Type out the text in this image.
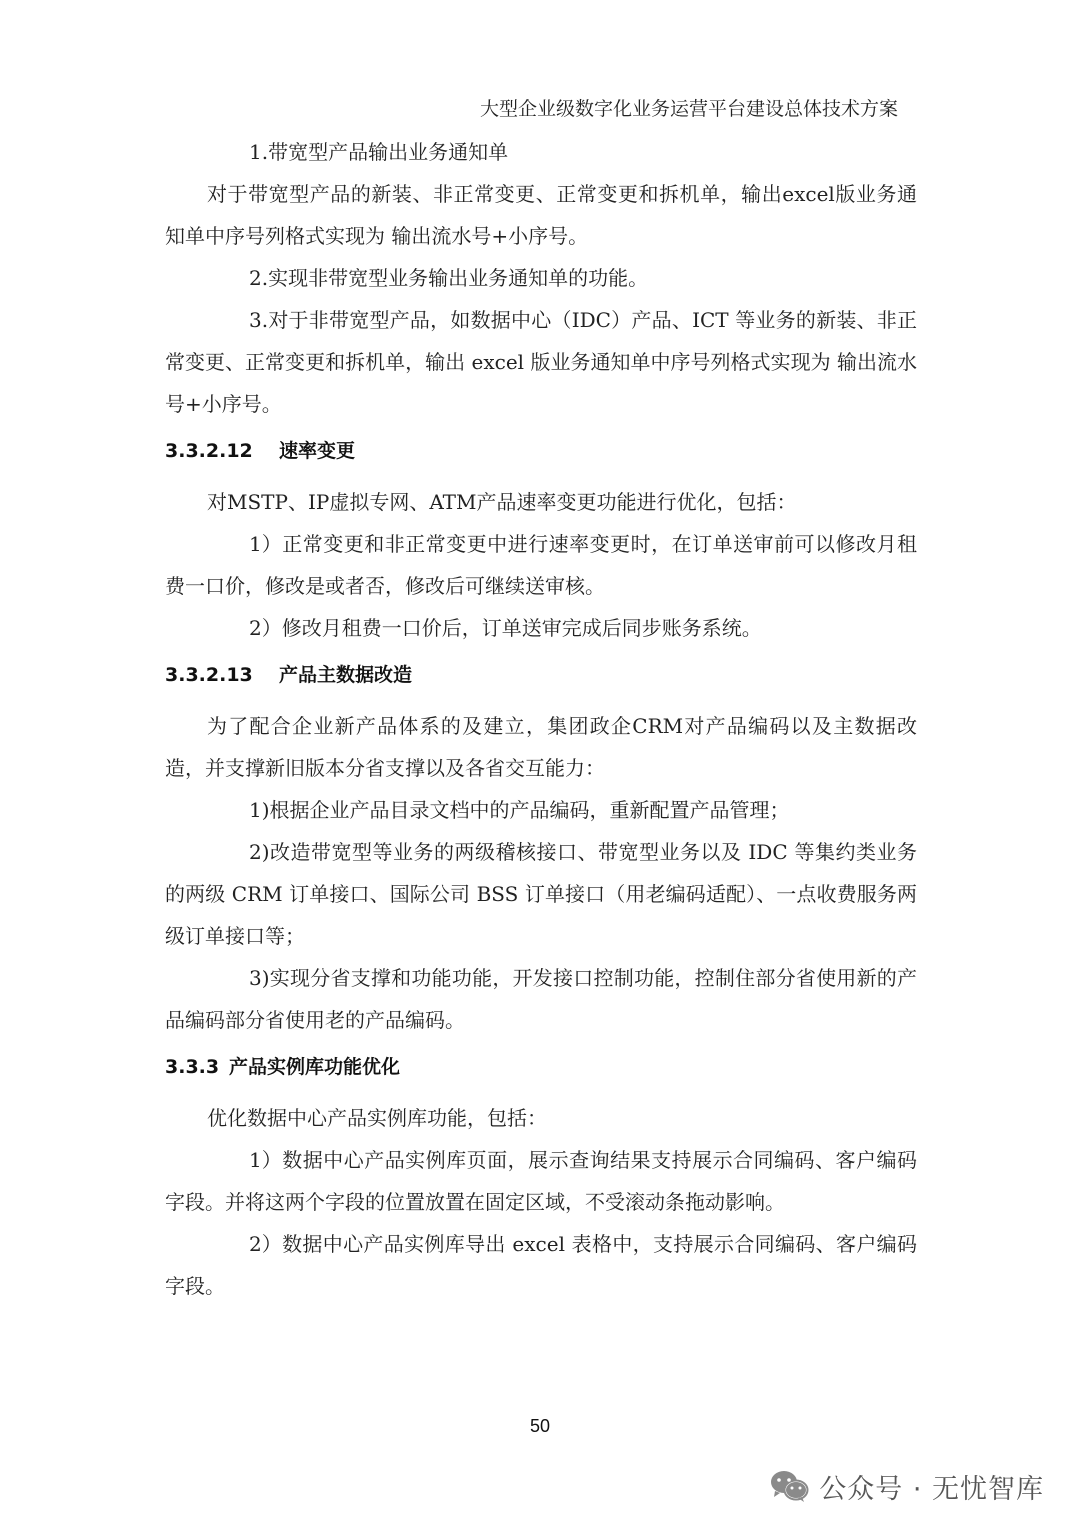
大型企业级数字化业务运营平台建设总体技术方案

1.带宽型产品输出业务通知单

对于带宽型产品的新装、非正常变更、正常变更和拆机单，输出excel版业务通知单中序号列格式实现为 输出流水号+小序号。

2.实现非带宽型业务输出业务通知单的功能。

3.对于非带宽型产品，如数据中心（IDC）产品、ICT 等业务的新装、非正常变更、正常变更和拆机单，输出 excel 版业务通知单中序号列格式实现为 输出流水号+小序号。

3.3.2.12 速率变更

对MSTP、IP虚拟专网、ATM产品速率变更功能进行优化，包括：

1）正常变更和非正常变更中进行速率变更时，在订单送审前可以修改月租费一口价，修改是或者否，修改后可继续送审核。

2）修改月租费一口价后，订单送审完成后同步账务系统。

3.3.2.13 产品主数据改造

为了配合企业新产品体系的及建立，集团政企CRM对产品编码以及主数据改造，并支撑新旧版本分省支撑以及各省交互能力：

1)根据企业产品目录文档中的产品编码，重新配置产品管理；

2)改造带宽型等业务的两级稽核接口、带宽型业务以及 IDC 等集约类业务的两级 CRM 订单接口、国际公司 BSS 订单接口（用老编码适配）、一点收费服务两级订单接口等；

3)实现分省支撑和功能功能，开发接口控制功能，控制住部分省使用新的产品编码部分省使用老的产品编码。

3.3.3 产品实例库功能优化

优化数据中心产品实例库功能，包括：

1）数据中心产品实例库页面，展示查询结果支持展示合同编码、客户编码字段。并将这两个字段的位置放置在固定区域，不受滚动条拖动影响。

2）数据中心产品实例库导出 excel 表格中，支持展示合同编码、客户编码字段。

50
公众号 · 无忧智库
